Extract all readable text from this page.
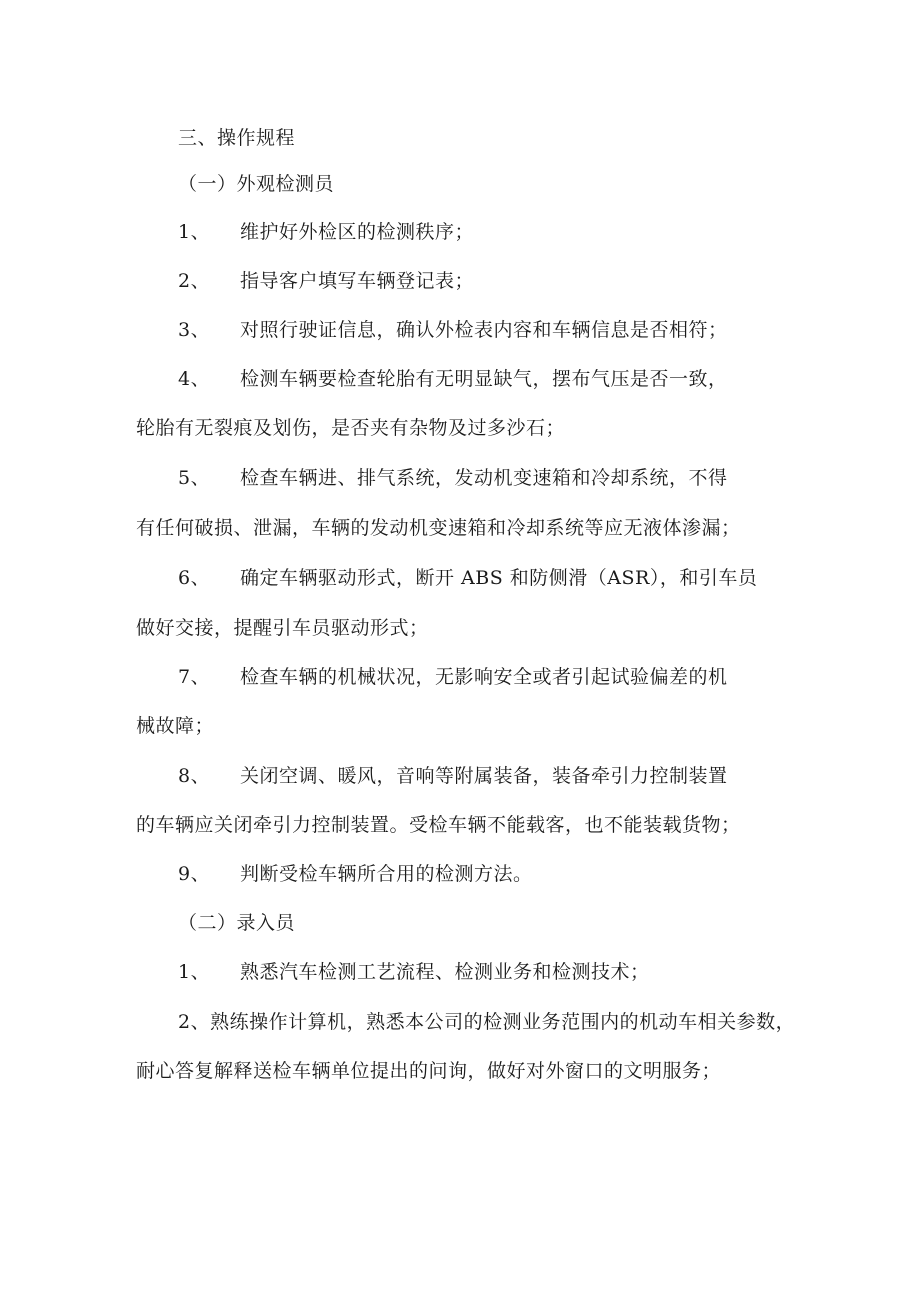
三、操作规程
（一）外观检测员
1、 维护好外检区的检测秩序；
2、 指导客户填写车辆登记表；
3、 对照行驶证信息，确认外检表内容和车辆信息是否相符；
4、 检测车辆要检查轮胎有无明显缺气，摆布气压是否一致，
轮胎有无裂痕及划伤，是否夹有杂物及过多沙石；
5、 检查车辆进、排气系统，发动机变速箱和冷却系统，不得
有任何破损、泄漏，车辆的发动机变速箱和冷却系统等应无液体渗漏；
6、 确定车辆驱动形式，断开 ABS 和防侧滑（ASR），和引车员
做好交接，提醒引车员驱动形式；
7、 检查车辆的机械状况，无影响安全或者引起试验偏差的机
械故障；
8、 关闭空调、暖风，音响等附属装备，装备牵引力控制装置
的车辆应关闭牵引力控制装置。受检车辆不能载客，也不能装载货物；
9、 判断受检车辆所合用的检测方法。
（二）录入员
1、 熟悉汽车检测工艺流程、检测业务和检测技术；
2、熟练操作计算机，熟悉本公司的检测业务范围内的机动车相关参数，
耐心答复解释送检车辆单位提出的问询，做好对外窗口的文明服务；
